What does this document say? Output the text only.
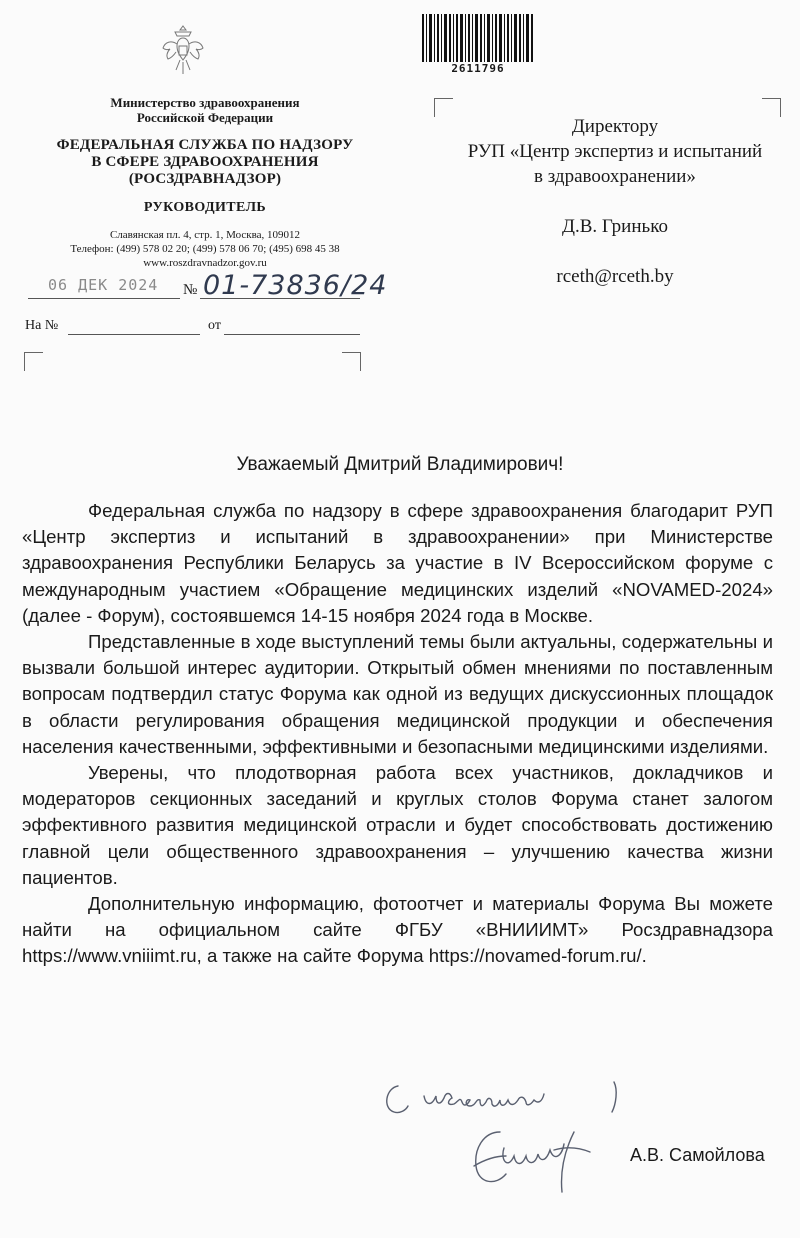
Министерство здравоохранения
Российской Федерации
ФЕДЕРАЛЬНАЯ СЛУЖБА ПО НАДЗОРУ
В СФЕРЕ ЗДРАВООХРАНЕНИЯ
(РОСЗДРАВНАДЗОР)
РУКОВОДИТЕЛЬ
Славянская пл. 4, стр. 1, Москва, 109012
Телефон: (499) 578 02 20; (499) 578 06 70; (495) 698 45 38
www.roszdravnadzor.gov.ru
06 ДЕК 2024 № 01-73836/24
На №	от
2611796
Директору
РУП «Центр экспертиз и испытаний
в здравоохранении»
Д.В. Гринько
rceth@rceth.by
Уважаемый Дмитрий Владимирович!

Федеральная служба по надзору в сфере здравоохранения благодарит РУП «Центр экспертиз и испытаний в здравоохранении» при Министерстве здравоохранения Республики Беларусь за участие в IV Всероссийском форуме с международным участием «Обращение медицинских изделий «NOVAMED-2024» (далее - Форум), состоявшемся 14-15 ноября 2024 года в Москве.

Представленные в ходе выступлений темы были актуальны, содержательны и вызвали большой интерес аудитории. Открытый обмен мнениями по поставленным вопросам подтвердил статус Форума как одной из ведущих дискуссионных площадок в области регулирования обращения медицинской продукции и обеспечения населения качественными, эффективными и безопасными медицинскими изделиями.

Уверены, что плодотворная работа всех участников, докладчиков и модераторов секционных заседаний и круглых столов Форума станет залогом эффективного развития медицинской отрасли и будет способствовать достижению главной цели общественного здравоохранения – улучшению качества жизни пациентов.

Дополнительную информацию, фотоотчет и материалы Форума Вы можете найти на официальном сайте ФГБУ «ВНИИИМТ» Росздравнадзора https://www.vniiimt.ru, а также на сайте Форума https://novamed-forum.ru/.

А.В. Самойлова
